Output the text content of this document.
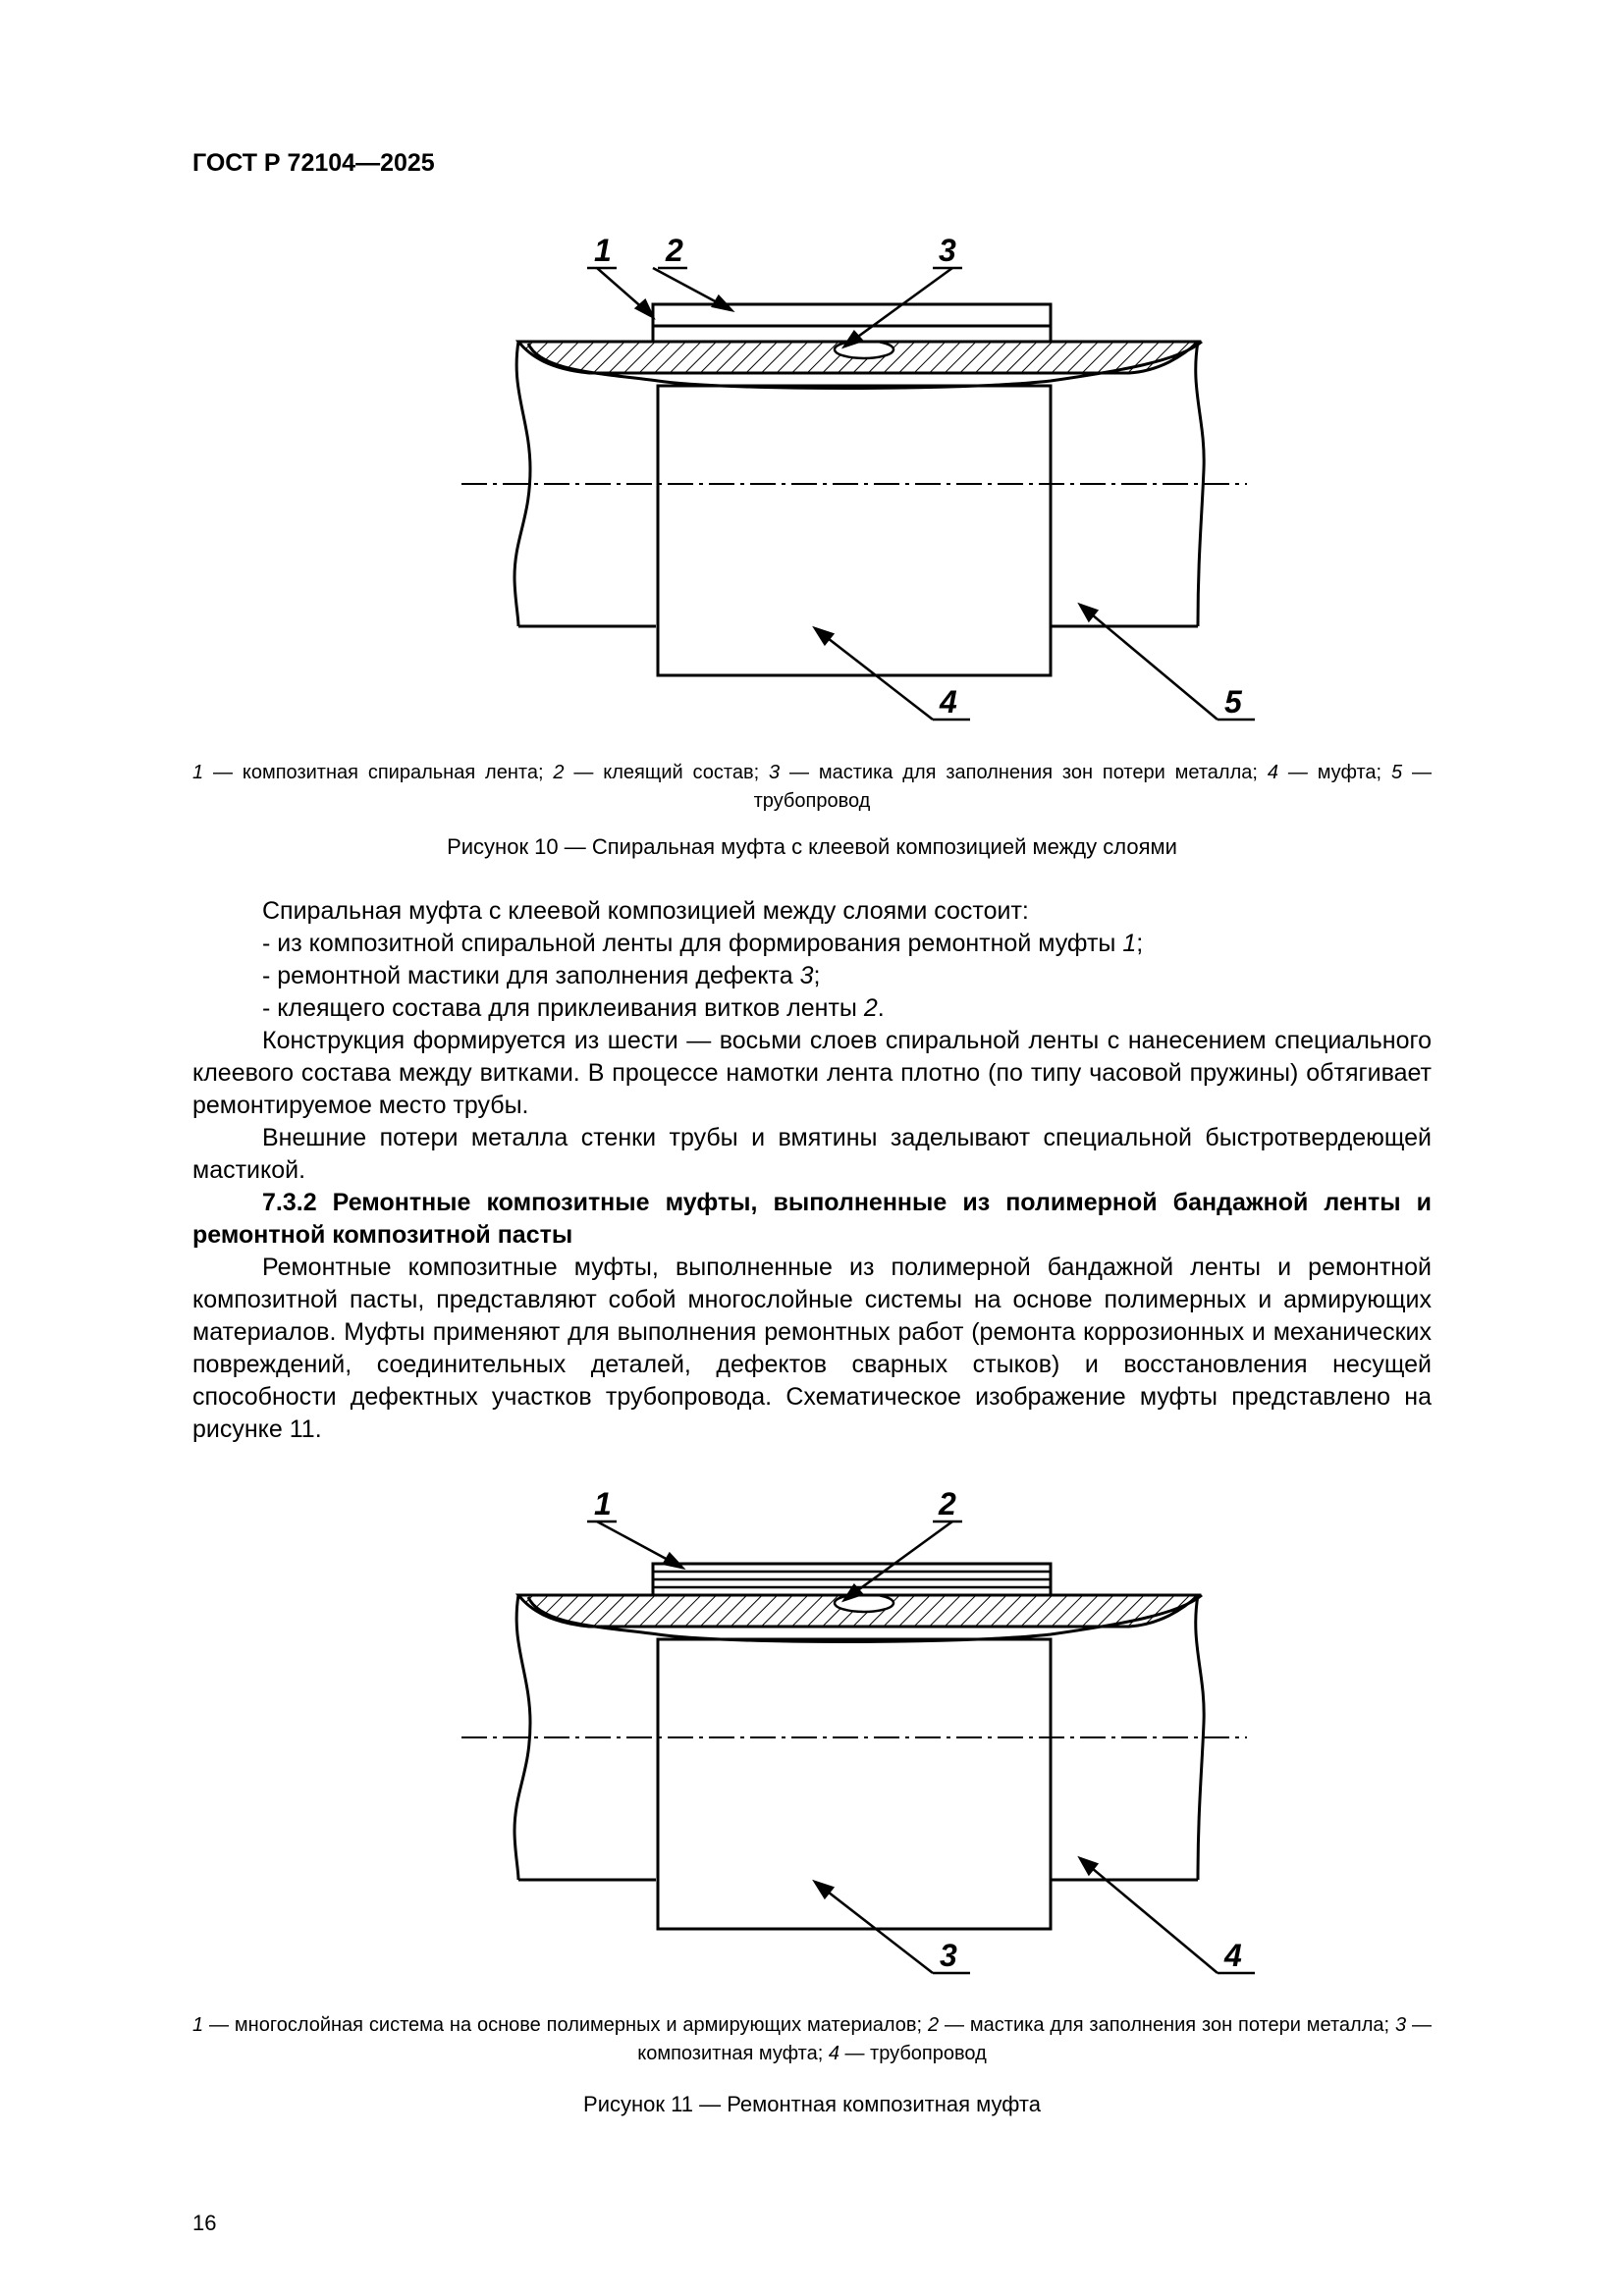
ГОСТ Р 72104—2025
1 2	3
4	5
1 — композитная спиральная лента; 2 — клеящий состав; 3 — мастика для заполнения зон потери металла; 4 — муфта; 5 — трубопровод
Рисунок 10 — Спиральная муфта с клеевой композицией между слоями

Спиральная муфта с клеевой композицией между слоями состоит:

- из композитной спиральной ленты для формирования ремонтной муфты 1;

- ремонтной мастики для заполнения дефекта 3;

- клеящего состава для приклеивания витков ленты 2.

Конструкция формируется из шести — восьми слоев спиральной ленты с нанесением специального клеевого состава между витками. В процессе намотки лента плотно (по типу часовой пружины) обтягивает ремонтируемое место трубы.

Внешние потери металла стенки трубы и вмятины заделывают специальной быстротвердеющей мастикой.

7.3.2 Ремонтные композитные муфты, выполненные из полимерной бандажной ленты и ремонтной композитной пасты

Ремонтные композитные муфты, выполненные из полимерной бандажной ленты и ремонтной композитной пасты, представляют собой многослойные системы на основе полимерных и армирующих материалов. Муфты применяют для выполнения ремонтных работ (ремонта коррозионных и механических повреждений, соединительных деталей, дефектов сварных стыков) и восстановления несущей способности дефектных участков трубопровода. Схематическое изображение муфты представлено на рисунке 11.

1	2
3	4
1 — многослойная система на основе полимерных и армирующих материалов; 2 — мастика для заполнения зон потери металла; 3 — композитная муфта; 4 — трубопровод
Рисунок 11 — Ремонтная композитная муфта
16
